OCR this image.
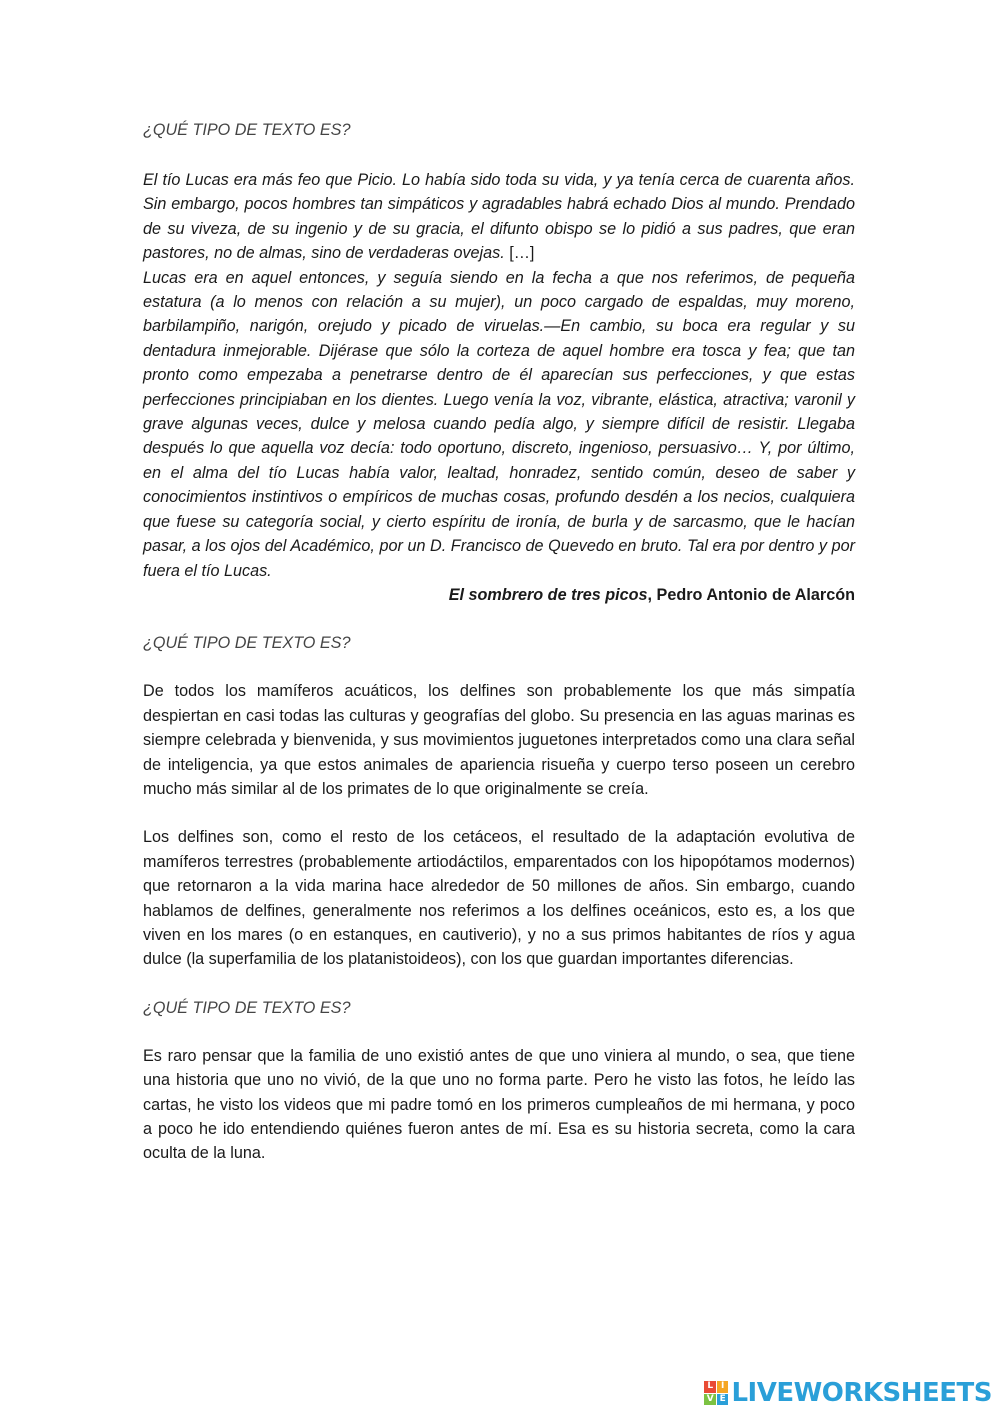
¿QUÉ TIPO DE TEXTO ES?

El tío Lucas era más feo que Picio. Lo había sido toda su vida, y ya tenía cerca de cuarenta años. Sin embargo, pocos hombres tan simpáticos y agradables habrá echado Dios al mundo. Prendado de su viveza, de su ingenio y de su gracia, el difunto obispo se lo pidió a sus padres, que eran pastores, no de almas, sino de verdaderas ovejas. […]
Lucas era en aquel entonces, y seguía siendo en la fecha a que nos referimos, de pequeña estatura (a lo menos con relación a su mujer), un poco cargado de espaldas, muy moreno, barbilampiño, narigón, orejudo y picado de viruelas.—En cambio, su boca era regular y su dentadura inmejorable. Dijérase que sólo la corteza de aquel hombre era tosca y fea; que tan pronto como empezaba a penetrarse dentro de él aparecían sus perfecciones, y que estas perfecciones principiaban en los dientes. Luego venía la voz, vibrante, elástica, atractiva; varonil y grave algunas veces, dulce y melosa cuando pedía algo, y siempre difícil de resistir. Llegaba después lo que aquella voz decía: todo oportuno, discreto, ingenioso, persuasivo… Y, por último, en el alma del tío Lucas había valor, lealtad, honradez, sentido común, deseo de saber y conocimientos instintivos o empíricos de muchas cosas, profundo desdén a los necios, cualquiera que fuese su categoría social, y cierto espíritu de ironía, de burla y de sarcasmo, que le hacían pasar, a los ojos del Académico, por un D. Francisco de Quevedo en bruto. Tal era por dentro y por fuera el tío Lucas.

El sombrero de tres picos, Pedro Antonio de Alarcón

¿QUÉ TIPO DE TEXTO ES?

De todos los mamíferos acuáticos, los delfines son probablemente los que más simpatía despiertan en casi todas las culturas y geografías del globo. Su presencia en las aguas marinas es siempre celebrada y bienvenida, y sus movimientos juguetones interpretados como una clara señal de inteligencia, ya que estos animales de apariencia risueña y cuerpo terso poseen un cerebro mucho más similar al de los primates de lo que originalmente se creía.

Los delfines son, como el resto de los cetáceos, el resultado de la adaptación evolutiva de mamíferos terrestres (probablemente artiodáctilos, emparentados con los hipopótamos modernos) que retornaron a la vida marina hace alrededor de 50 millones de años. Sin embargo, cuando hablamos de delfines, generalmente nos referimos a los delfines oceánicos, esto es, a los que viven en los mares (o en estanques, en cautiverio), y no a sus primos habitantes de ríos y agua dulce (la superfamilia de los platanistoideos), con los que guardan importantes diferencias.

¿QUÉ TIPO DE TEXTO ES?

Es raro pensar que la familia de uno existió antes de que uno viniera al mundo, o sea, que tiene una historia que uno no vivió, de la que uno no forma parte. Pero he visto las fotos, he leído las cartas, he visto los videos que mi padre tomó en los primeros cumpleaños de mi hermana, y poco a poco he ido entendiendo quiénes fueron antes de mí. Esa es su historia secreta, como la cara oculta de la luna.

L I
V E LIVEWORKSHEETS
